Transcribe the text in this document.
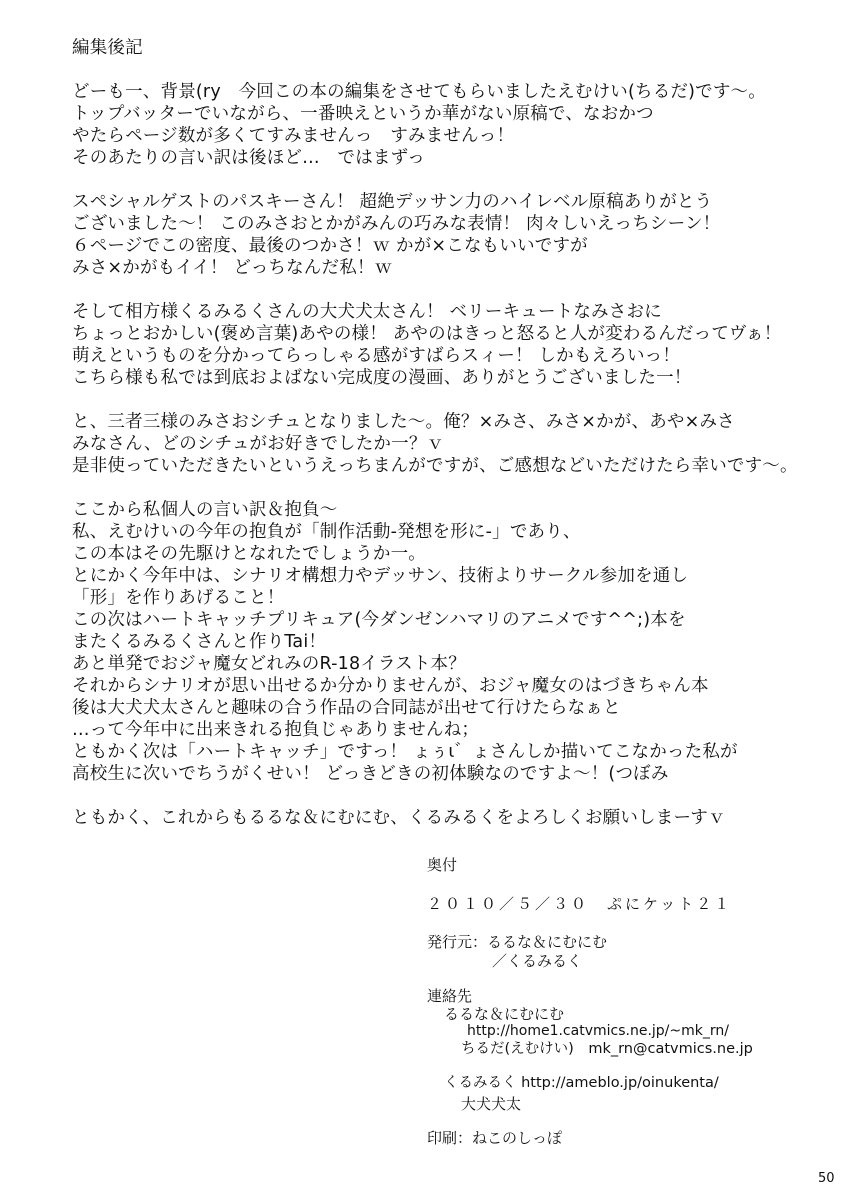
編集後記
どーも一、背景(ry　今回この本の編集をさせてもらいましたえむけい(ちるだ)です～。
トップバッターでいながら、一番映えというか華がない原稿で、なおかつ
やたらページ数が多くてすみませんっ　すみませんっ！
そのあたりの言い訳は後ほど…　ではまずっ
スペシャルゲストのパスキーさん！ 超絶デッサン力のハイレベル原稿ありがとう
ございました～！ このみさおとかがみんの巧みな表情！ 肉々しいえっちシーン！
６ページでこの密度、最後のつかさ！ｗ かが×こなもいいですが
みさ×かがもイイ！ どっちなんだ私！ｗ
そして相方様くるみるくさんの大犬犬太さん！ ベリーキュートなみさおに
ちょっとおかしい(褒め言葉)あやの様！ あやのはきっと怒ると人が変わるんだってヴぁ！
萌えというものを分かってらっしゃる感がすばらスィー！ しかもえろいっ！
こちら様も私では到底およばない完成度の漫画、ありがとうございました一！
と、三者三様のみさおシチュとなりました～。俺？×みさ、みさ×かが、あや×みさ
みなさん、どのシチュがお好きでしたか一？ｖ
是非使っていただきたいというえっちまんがですが、ご感想などいただけたら幸いです～。
ここから私個人の言い訳＆抱負～
私、えむけいの今年の抱負が「制作活動-発想を形に-」であり、
この本はその先駆けとなれたでしょうか一。
とにかく今年中は、シナリオ構想力やデッサン、技術よりサークル参加を通し
「形」を作りあげること！
この次はハートキャッチプリキュア(今ダンゼンハマリのアニメです^^;)本を
またくるみるくさんと作りTai！
あと単発でおジャ魔女どれみのR-18イラスト本？
それからシナリオが思い出せるか分かりませんが、おジャ魔女のはづきちゃん本
後は大犬犬太さんと趣味の合う作品の合同誌が出せて行けたらなぁと
…って今年中に出来きれる抱負じゃありませんね；
ともかく次は「ハートキャッチ」ですっ！ ょぅι゛ょさんしか描いてこなかった私が
高校生に次いでちうがくせい！ どっきどきの初体験なのですよ～！(つぼみ
ともかく、これからもるるな＆にむにむ、くるみるくをよろしくお願いしまーすｖ
奥付
２０１０／５／３０　ぷにケット２１
発行元：るるな＆にむにむ
／くるみるく
連絡先
るるな＆にむにむ
http://home1.catvmics.ne.jp/~mk_rn/
ちるだ(えむけい)　mk_rn@catvmics.ne.jp
くるみるく http://ameblo.jp/oinukenta/
大犬犬太
印刷：ねこのしっぽ
50
